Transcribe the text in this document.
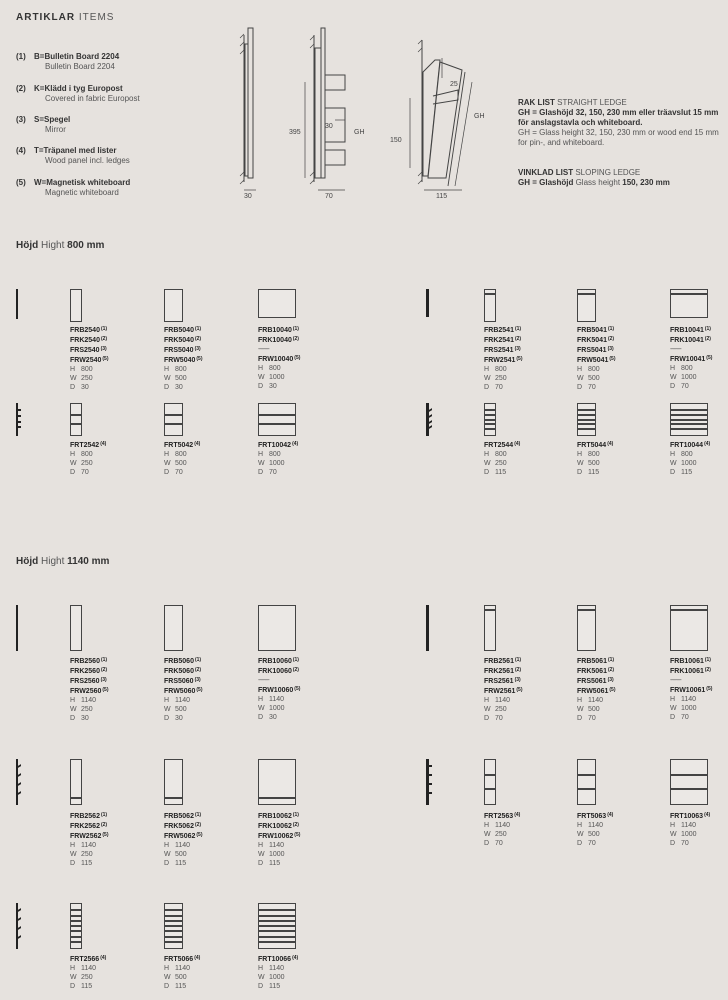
ARTIKLAR ITEMS
(1) B=Bulletin Board 2204
Bulletin Board 2204
(2) K=Klädd i tyg Europost
Covered in fabric Europost
(3) S=Spegel
Mirror
(4) T=Träpanel med lister
Wood panel incl. ledges
(5) W=Magnetisk whiteboard
Magnetic whiteboard	30
395
30
GH
70
25
GH
150
115
RAK LIST STRAIGHT LEDGE
GH = Glashöjd 32, 150, 230 mm eller träavslut 15 mm
för anslagstavla och whiteboard.
GH = Glass height 32, 150, 230 mm or wood end 15 mm
for pin-, and whiteboard.
VINKLAD LIST SLOPING LEDGE
GH = Glashöjd Glass height 150, 230 mm
Höjd Hight 800 mm
Höjd Hight 1140 mm
FRB2540$^{(1)}$
FRK2540$^{(2)}$
FRS2540$^{(3)}$
FRW2540$^{(5)}$
H 800
W 250
D 30
FRB5040$^{(1)}$
FRK5040$^{(2)}$
FRS5040$^{(3)}$
FRW5040$^{(5)}$
H 800
W 500
D 30
FRB10040$^{(1)}$
FRK10040$^{(2)}$
--------
FRW10040$^{(5)}$
H 800
W 1000
D 30
FRB2541$^{(1)}$
FRK2541$^{(2)}$
FRS2541$^{(3)}$
FRW2541$^{(5)}$
H 800
W 250
D 70
FRB5041$^{(1)}$
FRK5041$^{(2)}$
FRS5041$^{(3)}$
FRW5041$^{(5)}$
H 800
W 500
D 70
FRB10041$^{(1)}$
FRK10041$^{(2)}$
--------
FRW10041$^{(5)}$
H 800
W 1000
D 70
FRT2542$^{(4)}$
H 800
W 250
D 70
FRT5042$^{(4)}$
H 800
W 500
D 70
FRT10042$^{(4)}$
H 800
W 1000
D 70
FRT2544$^{(4)}$
H 800
W 250
D 115
FRT5044$^{(4)}$
H 800
W 500
D 115
FRT10044$^{(4)}$
H 800
W 1000
D 115
FRB2560$^{(1)}$
FRK2560$^{(2)}$
FRS2560$^{(3)}$
FRW2560$^{(5)}$
H 1140
W 250
D 30
FRB5060$^{(1)}$
FRK5060$^{(2)}$
FRS5060$^{(3)}$
FRW5060$^{(5)}$
H 1140
W 500
D 30
FRB10060$^{(1)}$
FRK10060$^{(2)}$
--------
FRW10060$^{(5)}$
H 1140
W 1000
D 30
FRB2561$^{(1)}$
FRK2561$^{(2)}$
FRS2561$^{(3)}$
FRW2561$^{(5)}$
H 1140
W 250
D 70
FRB5061$^{(1)}$
FRK5061$^{(2)}$
FRS5061$^{(3)}$
FRW5061$^{(5)}$
H 1140
W 500
D 70
FRB10061$^{(1)}$
FRK10061$^{(2)}$
--------
FRW10061$^{(5)}$
H 1140
W 1000
D 70
FRB2562$^{(1)}$
FRK2562$^{(2)}$
FRW2562$^{(5)}$
H 1140
W 250
D 115
FRB5062$^{(1)}$
FRK5062$^{(2)}$
FRW5062$^{(5)}$
H 1140
W 500
D 115
FRB10062$^{(1)}$
FRK10062$^{(2)}$
FRW10062$^{(5)}$
H 1140
W 1000
D 115
FRT2563$^{(4)}$
H 1140
W 250
D 70
FRT5063$^{(4)}$
H 1140
W 500
D 70
FRT10063$^{(4)}$
H 1140
W 1000
D 70
FRT2566$^{(4)}$
H 1140
W 250
D 115
FRT5066$^{(4)}$
H 1140
W 500
D 115
FRT10066$^{(4)}$
H 1140
W 1000
D 115
